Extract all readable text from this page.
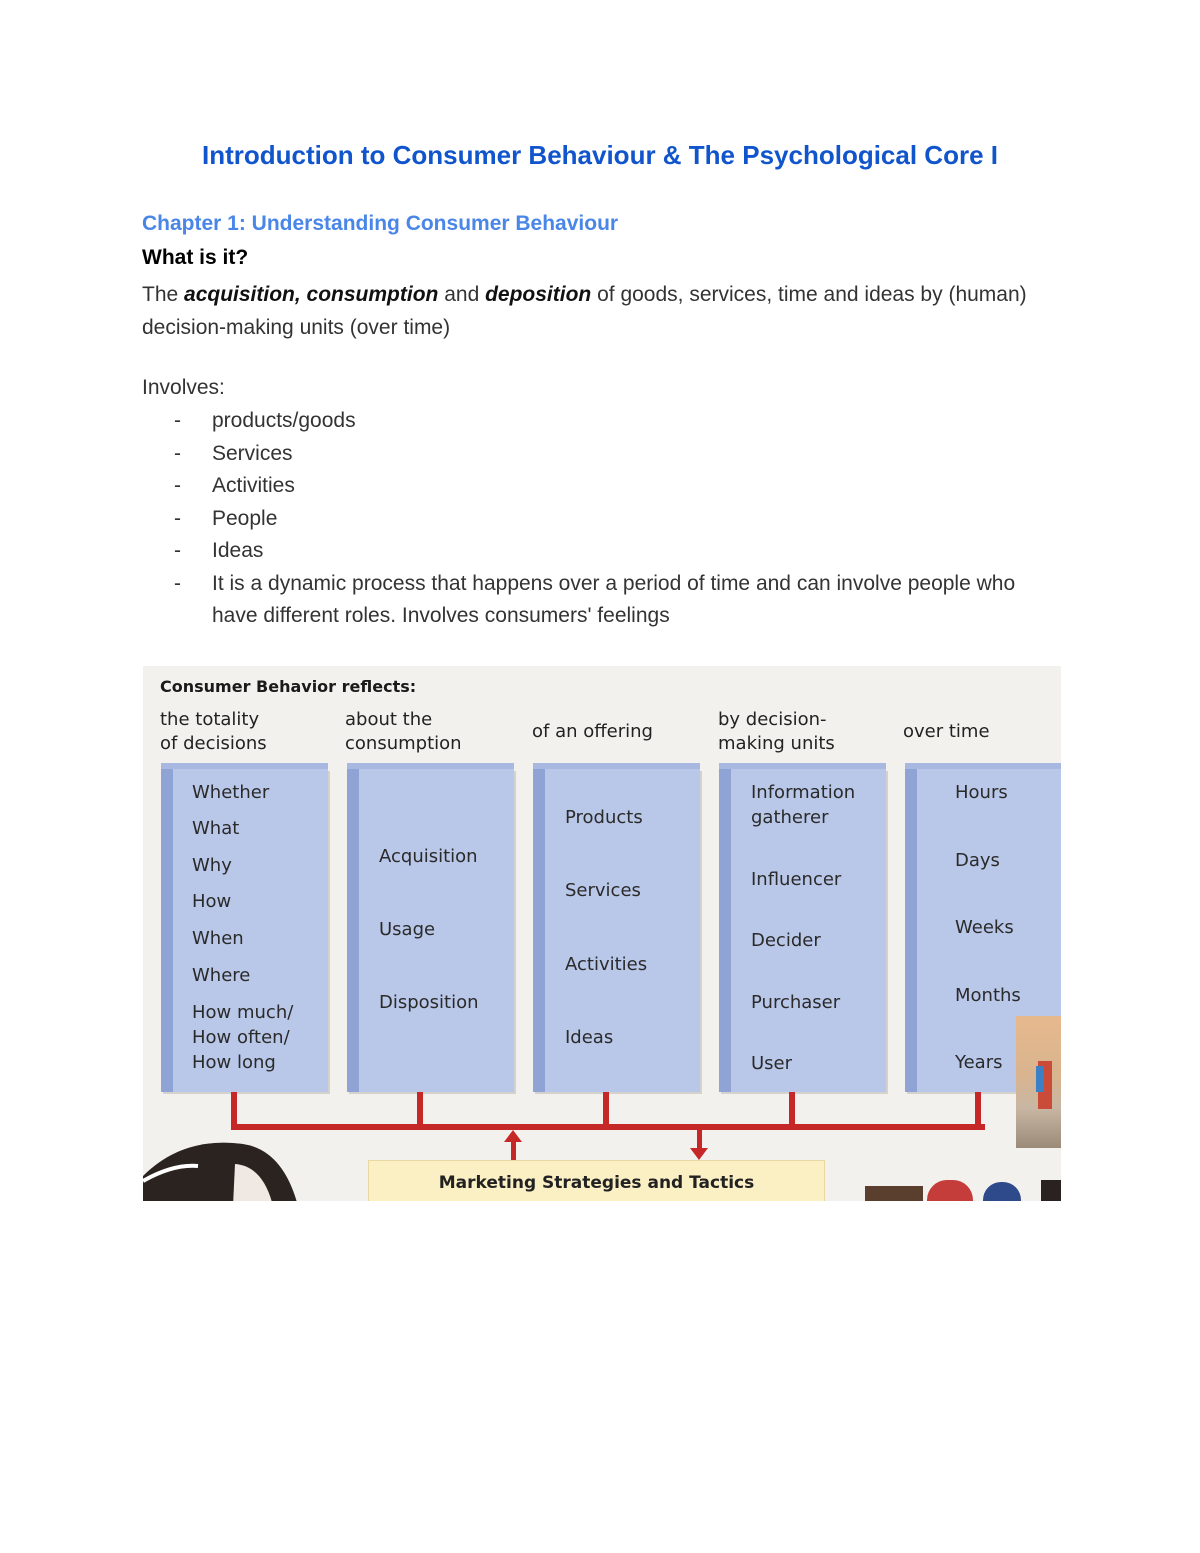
Introduction to Consumer Behaviour & The Psychological Core I
Chapter 1: Understanding Consumer Behaviour
What is it?
The acquisition, consumption and deposition of goods, services, time and ideas by (human) decision-making units (over time)
Involves:
- products/goods
- Services
- Activities
- People
- Ideas
- It is a dynamic process that happens over a period of time and can involve people who have different roles. Involves consumers' feelings
Consumer Behavior reflects:
the totality
of decisions
about the
consumption
of an offering
by decision-
making units
over time
Whether
What
Why
How
When
Where
How much/
How often/
How long
Acquisition
Usage
Disposition
Products
Services
Activities
Ideas
Information
gatherer
Influencer
Decider
Purchaser
User
Hours
Days
Weeks
Months
Years
Marketing Strategies and Tactics
